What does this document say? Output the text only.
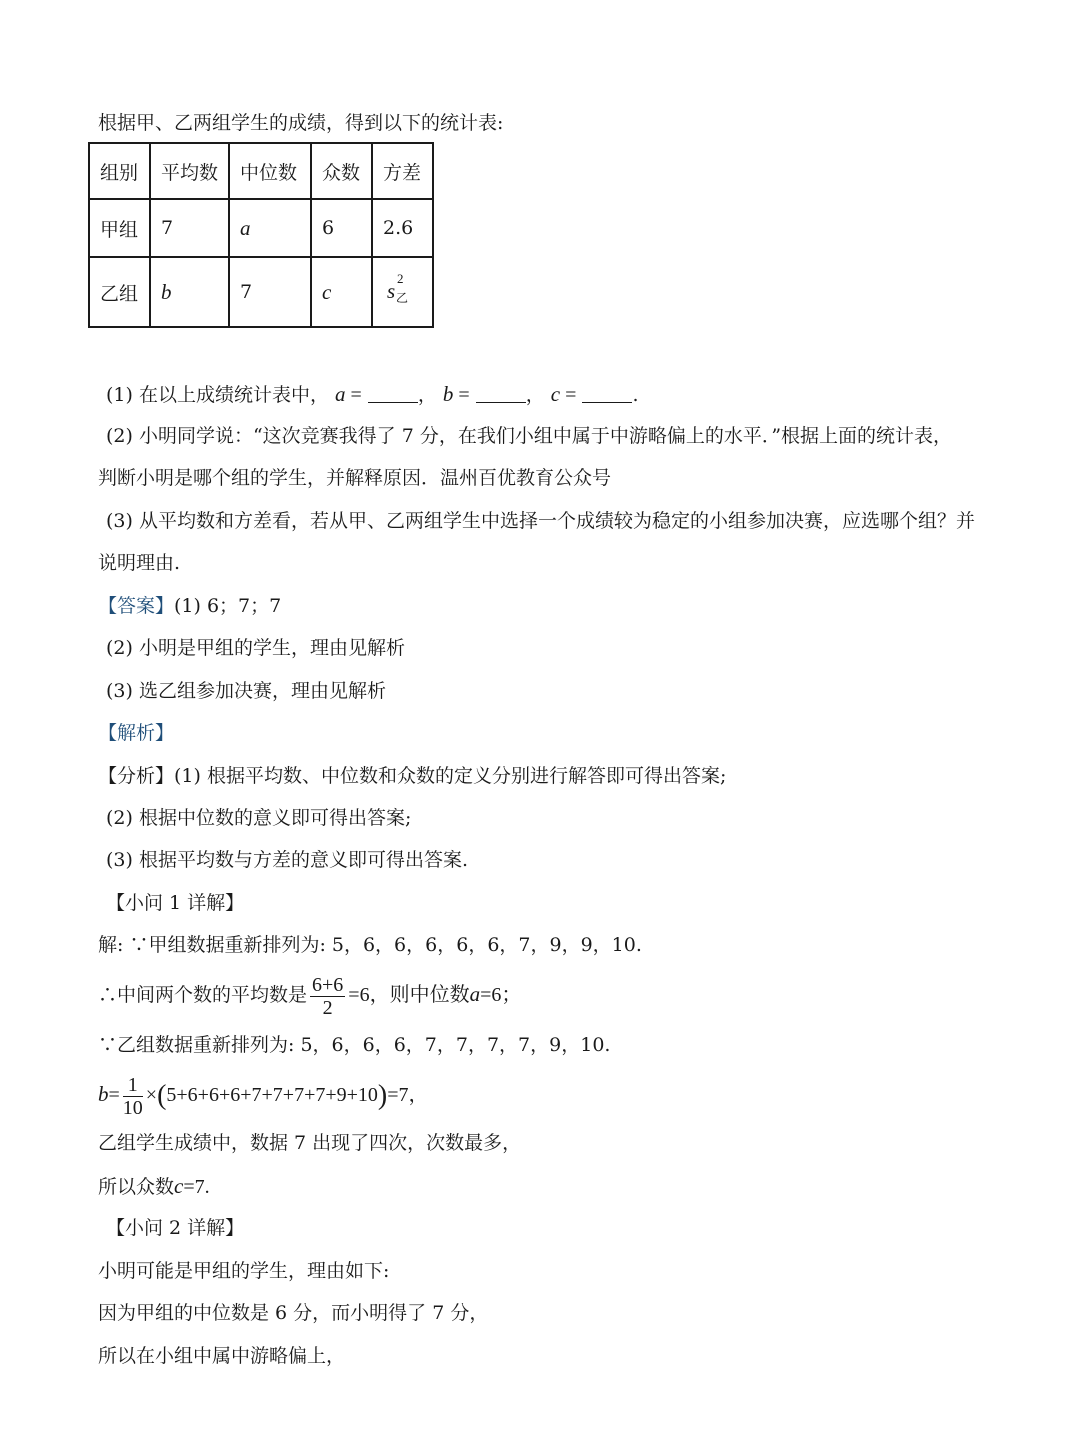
根据甲、乙两组学生的成绩，得到以下的统计表:
组别	平均数	中位数	众数	方差
甲组	7	a	6	2.6
乙组	b	7	c	s
2
乙
(1) 在以上成绩统计表中， a =	， b =	， c =	.
(2) 小明同学说：“这次竞赛我得了 7 分，在我们小组中属于中游略偏上的水平．”根据上面的统计表，
判断小明是哪个组的学生，并解释原因．温州百优教育公众号
(3) 从平均数和方差看，若从甲、乙两组学生中选择一个成绩较为稳定的小组参加决赛，应选哪个组？并
说明理由.
【答案】(1) 6；7；7
(2) 小明是甲组的学生，理由见解析
(3) 选乙组参加决赛，理由见解析
【解析】
【分析】(1) 根据平均数、中位数和众数的定义分别进行解答即可得出答案;
(2) 根据中位数的意义即可得出答案;
(3) 根据平均数与方差的意义即可得出答案.
【小问 1 详解】
解: ∵甲组数据重新排列为: 5，6，6，6，6，6，7，9，9，10.
∴中间两个数的平均数是 $\frac{6+6}{2} =6$，则中位数a=6；
∵乙组数据重新排列为: 5，6，6，6，7，7，7，7，9，10.
$b= \frac{1}{10} \times(5+6+6+6+7+7+7+7+9+10)=7$，
乙组学生成绩中，数据 7 出现了四次，次数最多，
所以众数c=7.
【小问 2 详解】
小明可能是甲组的学生，理由如下:
因为甲组的中位数是 6 分，而小明得了 7 分，
所以在小组中属中游略偏上，
